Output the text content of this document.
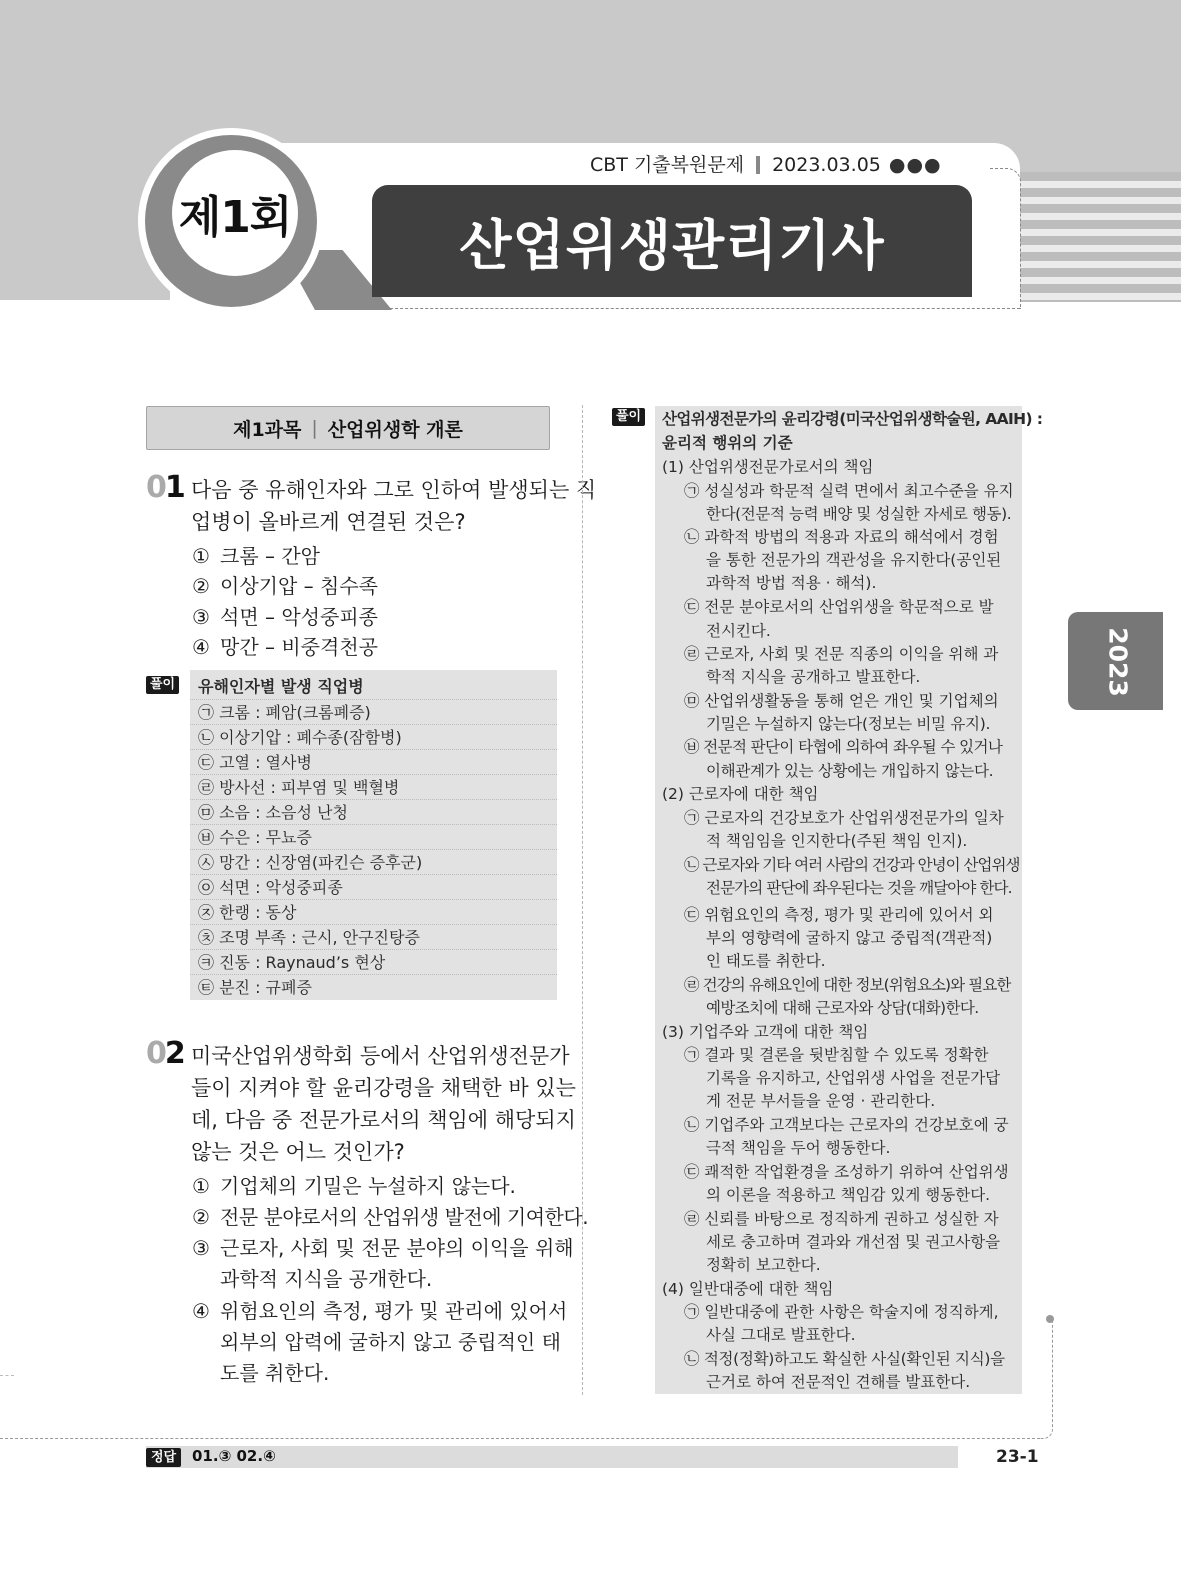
제1회	산업위생관리기사
CBT 기출복원문제 2023.03.05 ●●●
2023
제1과목 | 산업위생학 개론
01 다음 중 유해인자와 그로 인하여 발생되는 직
업병이 올바르게 연결된 것은?
① 크롬 – 간암
② 이상기압 – 침수족
③ 석면 – 악성중피종
④ 망간 – 비중격천공
풀이 유해인자별 발생 직업병
㉠ 크롬 : 폐암(크롬폐증)
㉡ 이상기압 : 폐수종(잠함병)
㉢ 고열 : 열사병
㉣ 방사선 : 피부염 및 백혈병
㉤ 소음 : 소음성 난청
㉥ 수은 : 무뇨증
㉦ 망간 : 신장염(파킨슨 증후군)
㉧ 석면 : 악성중피종
㉨ 한랭 : 동상
㉩ 조명 부족 : 근시, 안구진탕증
㉪ 진동 : Raynaud’s 현상
㉫ 분진 : 규폐증
02 미국산업위생학회 등에서 산업위생전문가
들이 지켜야 할 윤리강령을 채택한 바 있는
데, 다음 중 전문가로서의 책임에 해당되지
않는 것은 어느 것인가?
① 기업체의 기밀은 누설하지 않는다.
② 전문 분야로서의 산업위생 발전에 기여한다.
③ 근로자, 사회 및 전문 분야의 이익을 위해
과학적 지식을 공개한다.
④ 위험요인의 측정, 평가 및 관리에 있어서
외부의 압력에 굴하지 않고 중립적인 태
도를 취한다.
풀이 산업위생전문가의 윤리강령(미국산업위생학술원, AAIH) :
윤리적 행위의 기준
(1) 산업위생전문가로서의 책임
㉠ 성실성과 학문적 실력 면에서 최고수준을 유지
한다(전문적 능력 배양 및 성실한 자세로 행동).
㉡ 과학적 방법의 적용과 자료의 해석에서 경험
을 통한 전문가의 객관성을 유지한다(공인된
과학적 방법 적용 · 해석).
㉢ 전문 분야로서의 산업위생을 학문적으로 발
전시킨다.
㉣ 근로자, 사회 및 전문 직종의 이익을 위해 과
학적 지식을 공개하고 발표한다.
㉤ 산업위생활동을 통해 얻은 개인 및 기업체의
기밀은 누설하지 않는다(정보는 비밀 유지).
㉥ 전문적 판단이 타협에 의하여 좌우될 수 있거나
이해관계가 있는 상황에는 개입하지 않는다.
(2) 근로자에 대한 책임
㉠ 근로자의 건강보호가 산업위생전문가의 일차
적 책임임을 인지한다(주된 책임 인지).
㉡ 근로자와 기타 여러 사람의 건강과 안녕이 산업위생
전문가의 판단에 좌우된다는 것을 깨달아야 한다.
㉢ 위험요인의 측정, 평가 및 관리에 있어서 외
부의 영향력에 굴하지 않고 중립적(객관적)
인 태도를 취한다.
㉣ 건강의 유해요인에 대한 정보(위험요소)와 필요한
예방조치에 대해 근로자와 상담(대화)한다.
(3) 기업주와 고객에 대한 책임
㉠ 결과 및 결론을 뒷받침할 수 있도록 정확한
기록을 유지하고, 산업위생 사업을 전문가답
게 전문 부서들을 운영 · 관리한다.
㉡ 기업주와 고객보다는 근로자의 건강보호에 궁
극적 책임을 두어 행동한다.
㉢ 쾌적한 작업환경을 조성하기 위하여 산업위생
의 이론을 적용하고 책임감 있게 행동한다.
㉣ 신뢰를 바탕으로 정직하게 권하고 성실한 자
세로 충고하며 결과와 개선점 및 권고사항을
정확히 보고한다.
(4) 일반대중에 대한 책임
㉠ 일반대중에 관한 사항은 학술지에 정직하게,
사실 그대로 발표한다.
㉡ 적정(정확)하고도 확실한 사실(확인된 지식)을
근거로 하여 전문적인 견해를 발표한다.
정답	01.③ 02.④	23-1
